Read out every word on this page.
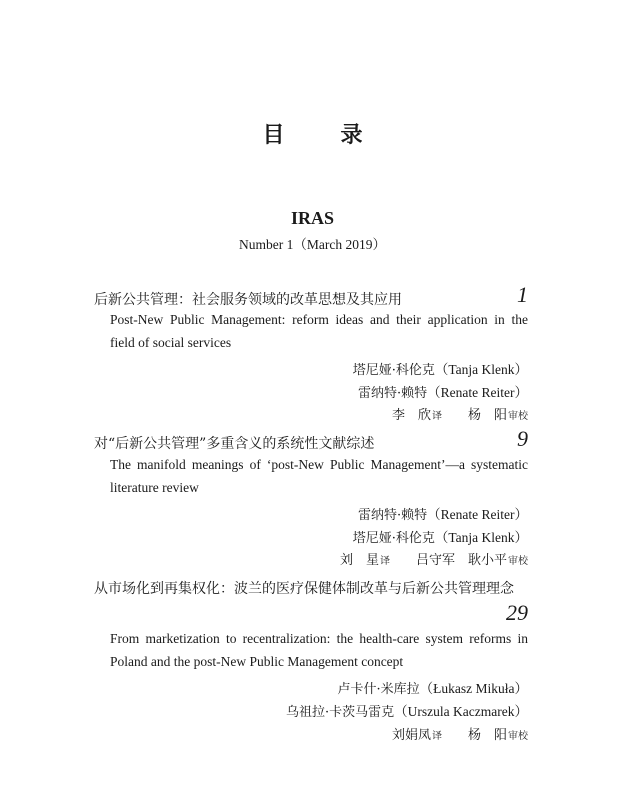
目	录
IRAS
Number 1（March 2019）
后新公共管理：社会服务领域的改革思想及其应用	1
Post-New Public Management: reform ideas and their application in the
field of social services
塔尼娅·科伦克（Tanja Klenk）
雷纳特·赖特（Renate Reiter）
李　欣译 杨　阳审校
对“后新公共管理”多重含义的系统性文献综述	9
The manifold meanings of ‘post-New Public Management’—a systematic
literature review
雷纳特·赖特（Renate Reiter）
塔尼娅·科伦克（Tanja Klenk）
刘　星译 吕守军　耿小平审校
从市场化到再集权化：波兰的医疗保健体制改革与后新公共管理理念
29
From marketization to recentralization: the health-care system reforms in
Poland and the post-New Public Management concept
卢卡什·米库拉（Łukasz Mikuła）
乌祖拉·卡茨马雷克（Urszula Kaczmarek）
刘娟凤译 杨　阳审校
